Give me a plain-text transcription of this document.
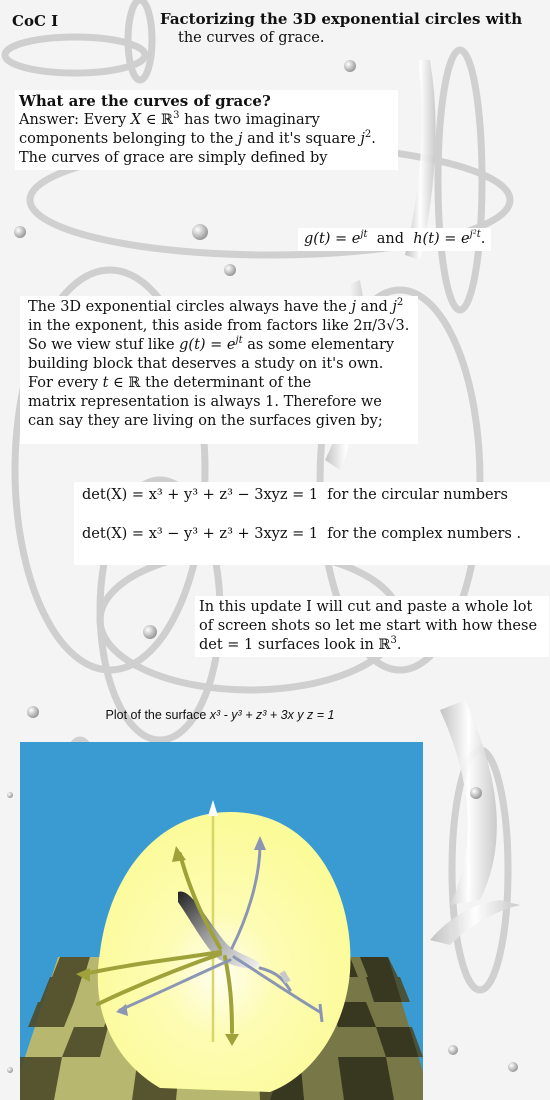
CoC I	Factorizing the 3D exponential circles with

the curves of grace.

What are the curves of grace?

Answer: Every X ∈ ℝ$^3$ has two imaginary

components belonging to the j and it's square $j^2$.

The curves of grace are simply defined by

$g(t) = e^{jt}$ and $h(t) = e^{j^2t}$.

The 3D exponential circles always have the j and $j^2$

in the exponent, this aside from factors like 2π/3√3.

So we view stuf like $g(t) = e^{jt}$ as some elementary

building block that deserves a study on it's own.

For every t ∈ ℝ the determinant of the

matrix representation is always 1. Therefore we

can say they are living on the surfaces given by;

det(X) = x³ + y³ + z³ − 3xyz = 1 for the circular numbers

det(X) = x³ − y³ + z³ + 3xyz = 1 for the complex numbers .

In this update I will cut and paste a whole lot

of screen shots so let me start with how these

det = 1 surfaces look in ℝ$^3$.

Plot of the surface x³ - y³ + z³ + 3x y z = 1
